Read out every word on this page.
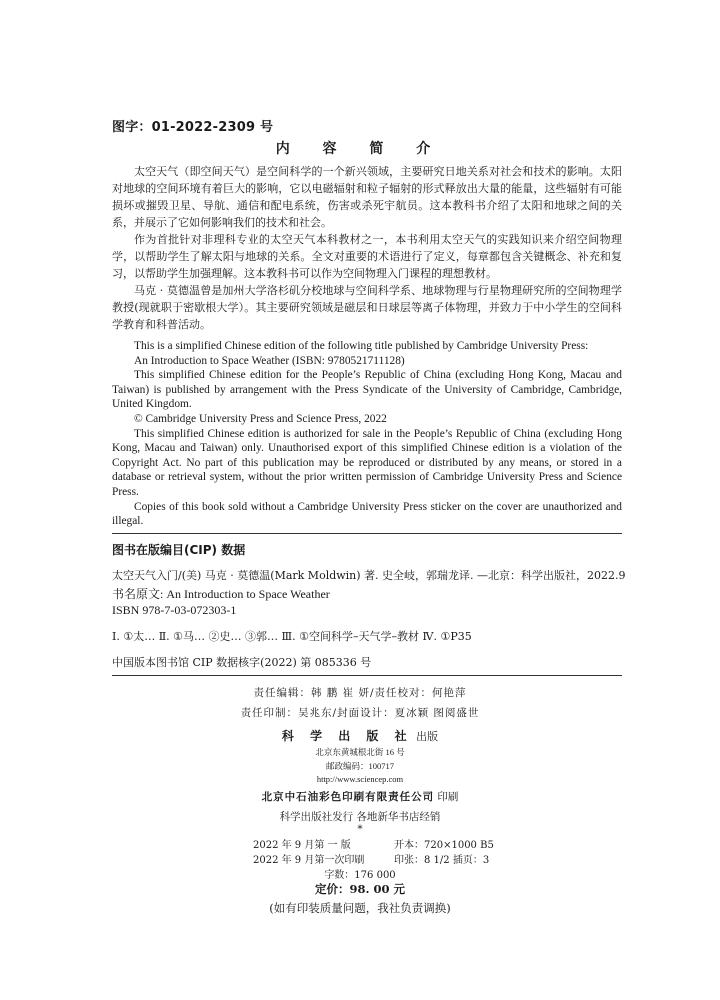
图字：01-2022-2309 号
内 容 简 介

太空天气（即空间天气）是空间科学的一个新兴领域，主要研究日地关系对社会和技术的影响。太阳对地球的空间环境有着巨大的影响，它以电磁辐射和粒子辐射的形式释放出大量的能量，这些辐射有可能损坏或摧毁卫星、导航、通信和配电系统，伤害或杀死宇航员。这本教科书介绍了太阳和地球之间的关系，并展示了它如何影响我们的技术和社会。

作为首批针对非理科专业的太空天气本科教材之一，本书利用太空天气的实践知识来介绍空间物理学，以帮助学生了解太阳与地球的关系。全文对重要的术语进行了定义，每章都包含关键概念、补充和复习，以帮助学生加强理解。这本教科书可以作为空间物理入门课程的理想教材。

马克 · 莫德温曾是加州大学洛杉矶分校地球与空间科学系、地球物理与行星物理研究所的空间物理学教授(现就职于密歇根大学）。其主要研究领域是磁层和日球层等离子体物理，并致力于中小学生的空间科学教育和科普活动。

This is a simplified Chinese edition of the following title published by Cambridge University Press:

An Introduction to Space Weather (ISBN: 9780521711128)

This simplified Chinese edition for the People’s Republic of China (excluding Hong Kong, Macau and Taiwan) is published by arrangement with the Press Syndicate of the University of Cambridge, Cambridge, United Kingdom.

© Cambridge University Press and Science Press, 2022

This simplified Chinese edition is authorized for sale in the People’s Republic of China (excluding Hong Kong, Macau and Taiwan) only. Unauthorised export of this simplified Chinese edition is a violation of the Copyright Act. No part of this publication may be reproduced or distributed by any means, or stored in a database or retrieval system, without the prior written permission of Cambridge University Press and Science Press.

Copies of this book sold without a Cambridge University Press sticker on the cover are unauthorized and illegal.

图书在版编目(CIP) 数据
太空天气入门/(美) 马克 · 莫德温(Mark Moldwin) 著. 史全岐，郭瑞龙译. —北京：科学出版社，2022.9
书名原文: An Introduction to Space Weather
ISBN 978-7-03-072303-1
Ⅰ. ①太… Ⅱ. ①马… ②史… ③郭… Ⅲ. ①空间科学–天气学–教材 Ⅳ. ①P35
中国版本图书馆 CIP 数据核字(2022) 第 085336 号
责任编辑：韩 鹏 崔 妍/责任校对：何艳萍
责任印制：吴兆东/封面设计：夏冰颖 图阅盛世
科 学 出 版 社 出版
北京东黄城根北街 16 号
邮政编码：100717
http://www.sciencep.com
北京中石油彩色印刷有限责任公司 印刷
科学出版社发行 各地新华书店经销
*
2022 年 9 月第 一 版	开本：720×1000 B5
2022 年 9 月第一次印刷	印张：8 1/2 插页：3
字数：176 000
定价：98. 00 元
(如有印装质量问题，我社负责调换)
